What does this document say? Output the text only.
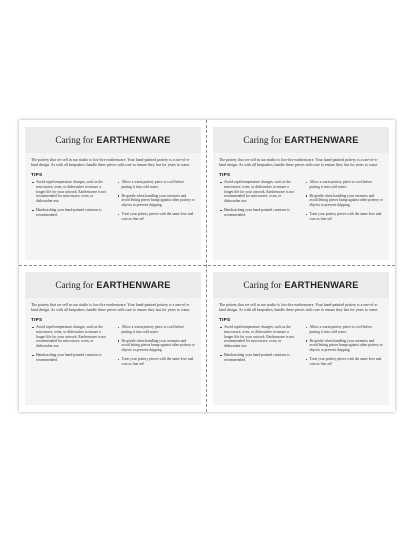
Caring for EARTHENWARE

The pottery that we sell in our studio is low-fire earthenware. Your hand-painted pottery is a one-of-a-kind design. As with all keepsakes, handle these pieces with care to ensure they last for years to come.

TIPS
Avoid rapid temperature changes, such as the microwave, oven, or dishwasher to ensure a longer life for your artwork. Earthenware is not recommended for microwave, oven, or dishwasher use.
Handwashing your hand-painted creations is recommended.
Allow a warm pottery piece to cool before putting it into cold water.
Be gentle when handling your ceramics and avoid letting pieces bump against other pottery or objects to prevent chipping.
Treat your pottery pieces with the same love and care as fine art!
Caring for EARTHENWARE

The pottery that we sell in our studio is low-fire earthenware. Your hand-painted pottery is a one-of-a-kind design. As with all keepsakes, handle these pieces with care to ensure they last for years to come.

TIPS
Avoid rapid temperature changes, such as the microwave, oven, or dishwasher to ensure a longer life for your artwork. Earthenware is not recommended for microwave, oven, or dishwasher use.
Handwashing your hand-painted creations is recommended.
Allow a warm pottery piece to cool before putting it into cold water.
Be gentle when handling your ceramics and avoid letting pieces bump against other pottery or objects to prevent chipping.
Treat your pottery pieces with the same love and care as fine art!
Caring for EARTHENWARE

The pottery that we sell in our studio is low-fire earthenware. Your hand-painted pottery is a one-of-a-kind design. As with all keepsakes, handle these pieces with care to ensure they last for years to come.

TIPS
Avoid rapid temperature changes, such as the microwave, oven, or dishwasher to ensure a longer life for your artwork. Earthenware is not recommended for microwave, oven, or dishwasher use.
Handwashing your hand-painted creations is recommended.
Allow a warm pottery piece to cool before putting it into cold water.
Be gentle when handling your ceramics and avoid letting pieces bump against other pottery or objects to prevent chipping.
Treat your pottery pieces with the same love and care as fine art!
Caring for EARTHENWARE

The pottery that we sell in our studio is low-fire earthenware. Your hand-painted pottery is a one-of-a-kind design. As with all keepsakes, handle these pieces with care to ensure they last for years to come.

TIPS
Avoid rapid temperature changes, such as the microwave, oven, or dishwasher to ensure a longer life for your artwork. Earthenware is not recommended for microwave, oven, or dishwasher use.
Handwashing your hand-painted creations is recommended.
Allow a warm pottery piece to cool before putting it into cold water.
Be gentle when handling your ceramics and avoid letting pieces bump against other pottery or objects to prevent chipping.
Treat your pottery pieces with the same love and care as fine art!
